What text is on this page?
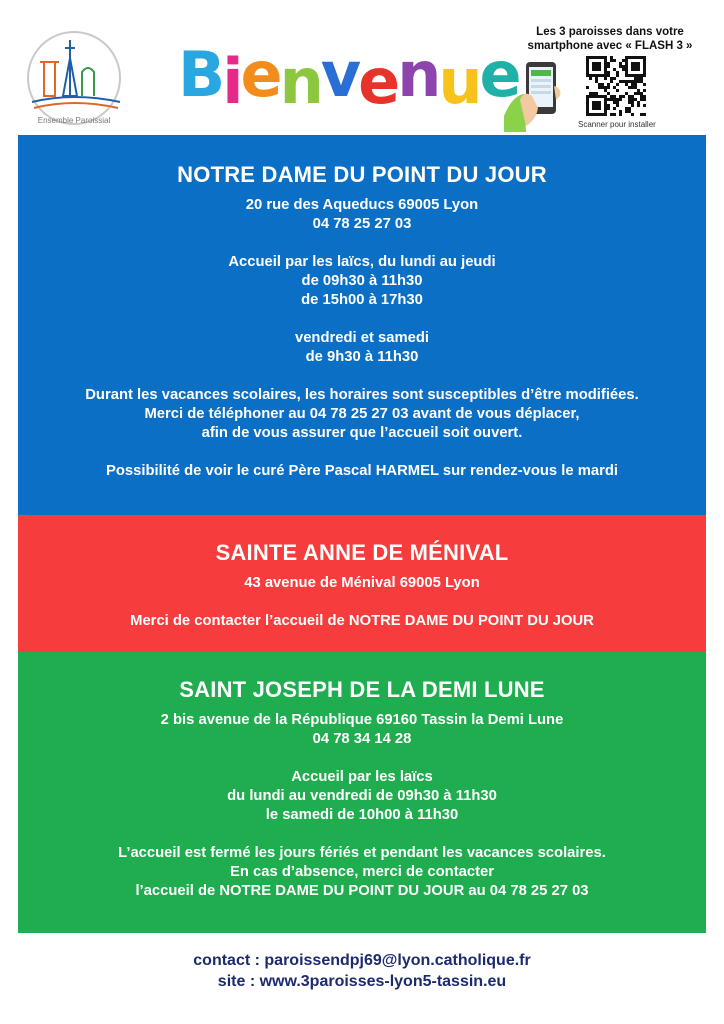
Ensemble Paroissial
Bienvenue
Les 3 paroisses dans votre
smartphone avec « FLASH 3 »
Scanner pour installer
NOTRE DAME DU POINT DU JOUR

20 rue des Aqueducs 69005 Lyon

04 78 25 27 03

Accueil par les laïcs, du lundi au jeudi

de 09h30 à 11h30

de 15h00 à 17h30

vendredi et samedi

de 9h30 à 11h30

Durant les vacances scolaires, les horaires sont susceptibles d’être modifiées.

Merci de téléphoner au 04 78 25 27 03 avant de vous déplacer,

afin de vous assurer que l’accueil soit ouvert.

Possibilité de voir le curé Père Pascal HARMEL sur rendez-vous le mardi

SAINTE ANNE DE MÉNIVAL

43 avenue de Ménival 69005 Lyon

Merci de contacter l’accueil de NOTRE DAME DU POINT DU JOUR

SAINT JOSEPH DE LA DEMI LUNE

2 bis avenue de la République 69160 Tassin la Demi Lune

04 78 34 14 28

Accueil par les laïcs

du lundi au vendredi de 09h30 à 11h30

le samedi de 10h00 à 11h30

L’accueil est fermé les jours fériés et pendant les vacances scolaires.

En cas d’absence, merci de contacter

l’accueil de NOTRE DAME DU POINT DU JOUR au 04 78 25 27 03

contact : paroissendpj69@lyon.catholique.fr

site : www.3paroisses-lyon5-tassin.eu
